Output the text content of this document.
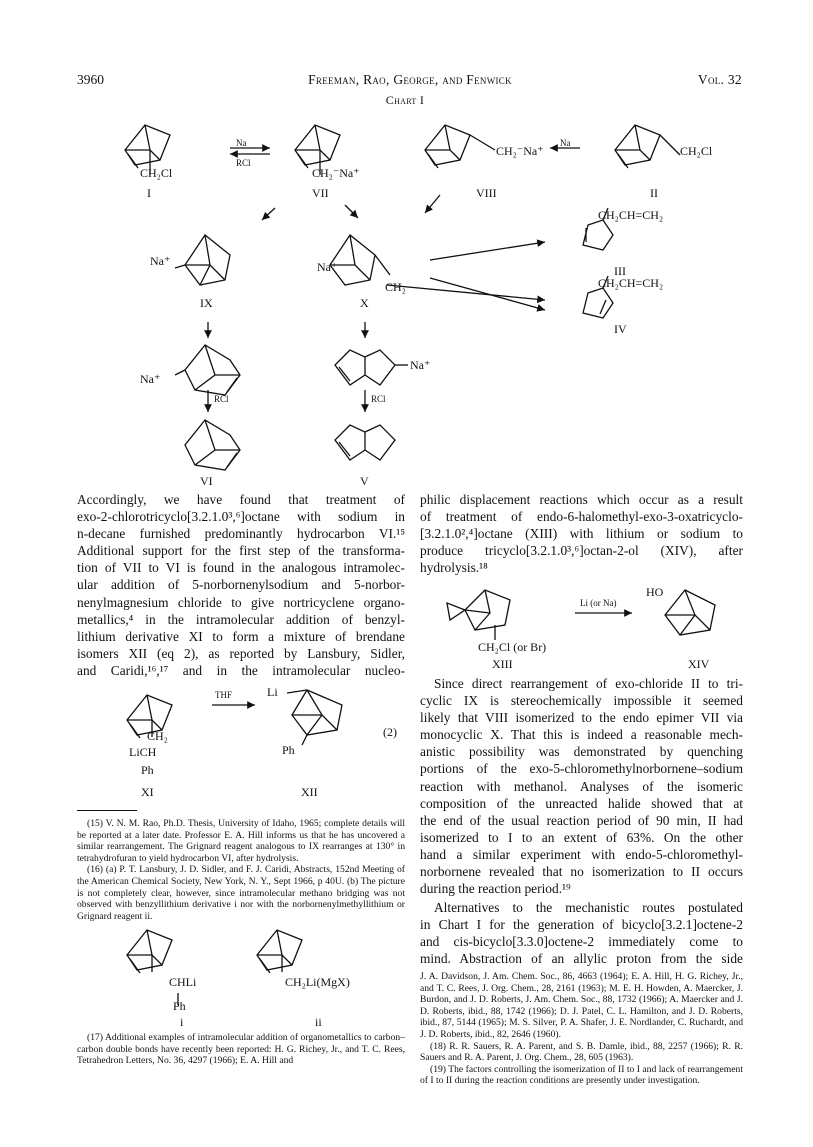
3960	Freeman, Rao, George, and Fenwick	Vol. 32
Chart I
Na
RCl
Na
CH₂Cl	CH₂⁻Na⁺
CH₂⁻Na⁺	CH₂Cl
I	VII	VIII	II
CH₂CH=CH₂
III
CH₂CH=CH₂
IV
Na⁺	Na⁺
CH₂
IX	X
Na⁺
Na⁺
RCl	RCl
VI	V
Accordingly, we have found that treatment of
exo-2-chlorotricyclo[3.2.1.0³,⁶]octane with sodium in
n-decane furnished predominantly hydrocarbon VI.¹⁵
Additional support for the first step of the transforma-
tion of VII to VI is found in the analogous intramolec-
ular addition of 5-norbornenylsodium and 5-norbor-
nenylmagnesium chloride to give nortricyclene organo-
metallics,⁴ in the intramolecular addition of benzyl-
lithium derivative XI to form a mixture of brendane
isomers XII (eq 2), as reported by Lansbury, Sidler,
and Caridi,¹⁶,¹⁷ and in the intramolecular nucleo-
THF	Li
CH₂
LiCH
Ph
Ph
(2)
XI	XII
(15) V. N. M. Rao, Ph.D. Thesis, University of Idaho, 1965; complete details will be reported at a later date. Professor E. A. Hill informs us that he has uncovered a similar rearrangement. The Grignard reagent analogous to IX rearranges at 130° in tetrahydrofuran to yield hydrocarbon VI, after hydrolysis.
(16) (a) P. T. Lansbury, J. D. Sidler, and F. J. Caridi, Abstracts, 152nd Meeting of the American Chemical Society, New York, N. Y., Sept 1966, p 40U. (b) The picture is not completely clear, however, since intramolecular methano bridging was not observed with benzyllithium derivative i nor with the norbornenylmethyllithium or Grignard reagent ii.
CHLi
Ph
CH₂Li(MgX)
i	ii
(17) Additional examples of intramolecular addition of organometallics to carbon–carbon double bonds have recently been reported: H. G. Richey, Jr., and T. C. Rees, Tetrahedron Letters, No. 36, 4297 (1966); E. A. Hill and
philic displacement reactions which occur as a result
of treatment of endo-6-halomethyl-exo-3-oxatricyclo-
[3.2.1.0²,⁴]octane (XIII) with lithium or sodium to
produce tricyclo[3.2.1.0³,⁶]octan-2-ol (XIV), after
hydrolysis.¹⁸
Li (or Na)
HO
CH₂Cl (or Br)
XIII	XIV
Since direct rearrangement of exo-chloride II to tri-
cyclic IX is stereochemically impossible it seemed
likely that VIII isomerized to the endo epimer VII via
monocyclic X. That this is indeed a reasonable mech-
anistic possibility was demonstrated by quenching
portions of the exo-5-chloromethylnorbornene–sodium
reaction with methanol. Analyses of the isomeric
composition of the unreacted halide showed that at
the end of the usual reaction period of 90 min, II had
isomerized to I to an extent of 63%. On the other
hand a similar experiment with endo-5-chloromethyl-
norbornene revealed that no isomerization to II occurs
during the reaction period.¹⁹
Alternatives to the mechanistic routes postulated
in Chart I for the generation of bicyclo[3.2.1]octene-2
and cis-bicyclo[3.3.0]octene-2 immediately come to
mind. Abstraction of an allylic proton from the side
J. A. Davidson, J. Am. Chem. Soc., 86, 4663 (1964); E. A. Hill, H. G. Richey, Jr., and T. C. Rees, J. Org. Chem., 28, 2161 (1963); M. E. H. Howden, A. Maercker, J. Burdon, and J. D. Roberts, J. Am. Chem. Soc., 88, 1732 (1966); A. Maercker and J. D. Roberts, ibid., 88, 1742 (1966); D. J. Patel, C. L. Hamilton, and J. D. Roberts, ibid., 87, 5144 (1965); M. S. Silver, P. A. Shafer, J. E. Nordlander, C. Ruchardt, and J. D. Roberts, ibid., 82, 2646 (1960).
(18) R. R. Sauers, R. A. Parent, and S. B. Damle, ibid., 88, 2257 (1966); R. R. Sauers and R. A. Parent, J. Org. Chem., 28, 605 (1963).
(19) The factors controlling the isomerization of II to I and lack of rearrangement of I to II during the reaction conditions are presently under investigation.
